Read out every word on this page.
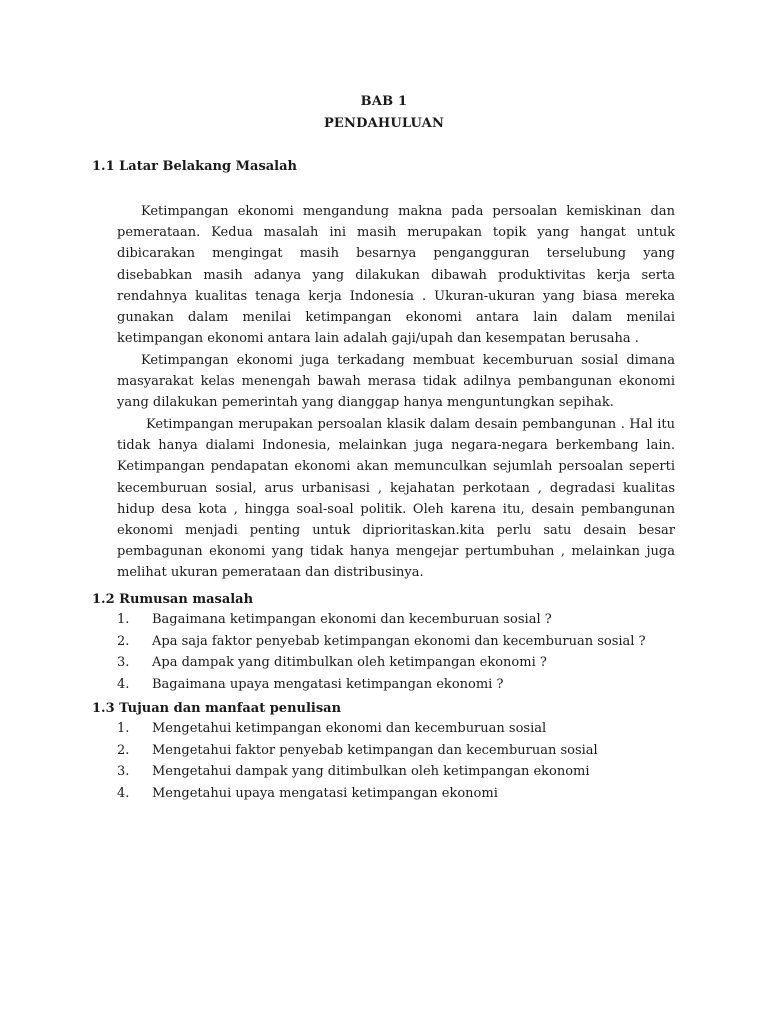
BAB 1
PENDAHULUAN
1.1 Latar Belakang Masalah

Ketimpangan ekonomi mengandung makna pada persoalan kemiskinan dan pemerataan. Kedua masalah ini masih merupakan topik yang hangat untuk dibicarakan mengingat masih besarnya pengangguran terselubung yang disebabkan masih adanya yang dilakukan dibawah produktivitas kerja serta rendahnya kualitas tenaga kerja Indonesia . Ukuran-ukuran yang biasa mereka gunakan dalam menilai ketimpangan ekonomi antara lain dalam menilai ketimpangan ekonomi antara lain adalah gaji/upah dan kesempatan berusaha .

Ketimpangan ekonomi juga terkadang membuat kecemburuan sosial dimana masyarakat kelas menengah bawah merasa tidak adilnya pembangunan ekonomi yang dilakukan pemerintah yang dianggap hanya menguntungkan sepihak.

Ketimpangan merupakan persoalan klasik dalam desain pembangunan . Hal itu tidak hanya dialami Indonesia, melainkan juga negara-negara berkembang lain. Ketimpangan pendapatan ekonomi akan memunculkan sejumlah persoalan seperti kecemburuan sosial, arus urbanisasi , kejahatan perkotaan , degradasi kualitas hidup desa kota , hingga soal-soal politik. Oleh karena itu, desain pembangunan ekonomi menjadi penting untuk diprioritaskan.kita perlu satu desain besar pembagunan ekonomi yang tidak hanya mengejar pertumbuhan , melainkan juga melihat ukuran pemerataan dan distribusinya.

1.2 Rumusan masalah
1. Bagaimana ketimpangan ekonomi dan kecemburuan sosial ?
2. Apa saja faktor penyebab ketimpangan ekonomi dan kecemburuan sosial ?
3. Apa dampak yang ditimbulkan oleh ketimpangan ekonomi ?
4. Bagaimana upaya mengatasi ketimpangan ekonomi ?
1.3 Tujuan dan manfaat penulisan
1. Mengetahui ketimpangan ekonomi dan kecemburuan sosial
2. Mengetahui faktor penyebab ketimpangan dan kecemburuan sosial
3. Mengetahui dampak yang ditimbulkan oleh ketimpangan ekonomi
4. Mengetahui upaya mengatasi ketimpangan ekonomi
